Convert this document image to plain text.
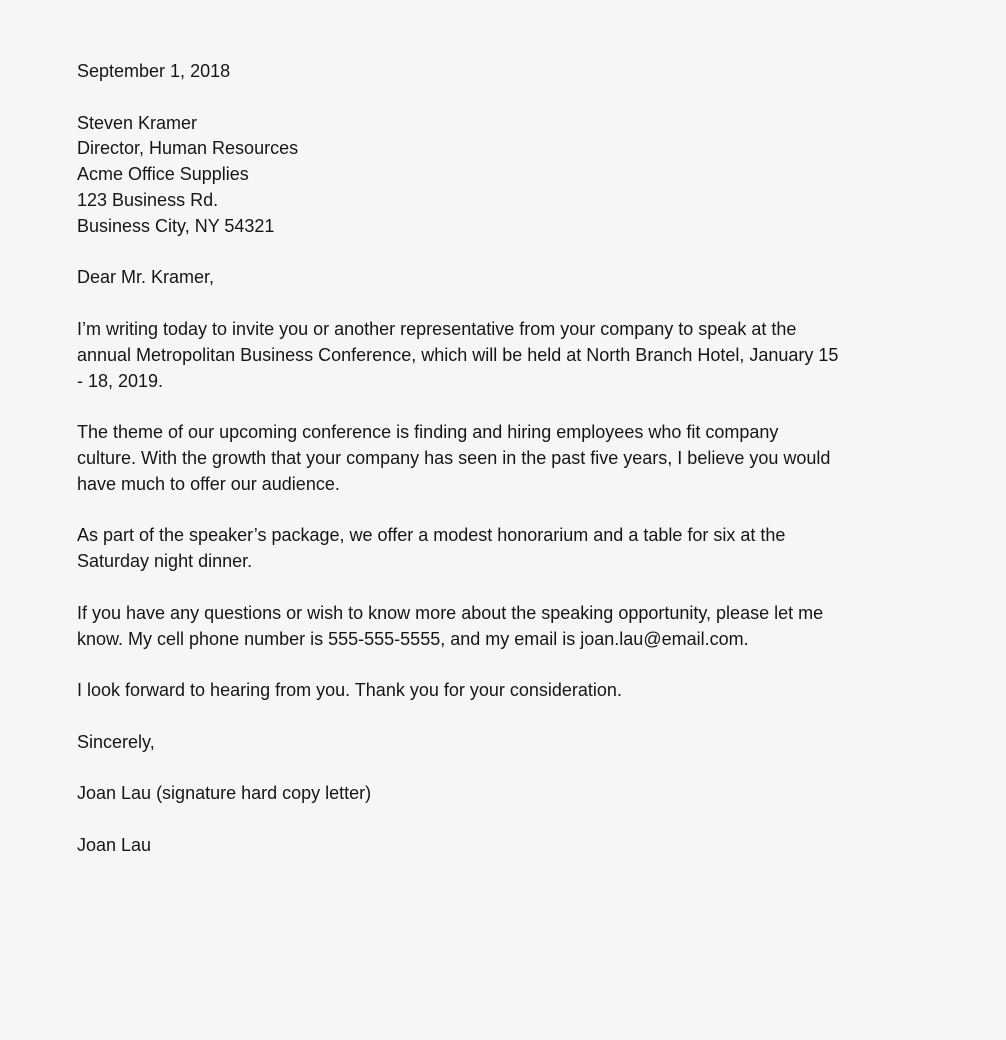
September 1, 2018
Steven Kramer
Director, Human Resources
Acme Office Supplies
123 Business Rd.
Business City, NY 54321
Dear Mr. Kramer,
I’m writing today to invite you or another representative from your company to speak at the
annual Metropolitan Business Conference, which will be held at North Branch Hotel, January 15
- 18, 2019.
The theme of our upcoming conference is finding and hiring employees who fit company
culture. With the growth that your company has seen in the past five years, I believe you would
have much to offer our audience.
As part of the speaker’s package, we offer a modest honorarium and a table for six at the
Saturday night dinner.
If you have any questions or wish to know more about the speaking opportunity, please let me
know. My cell phone number is 555-555-5555, and my email is joan.lau@email.com.
I look forward to hearing from you. Thank you for your consideration.
Sincerely,
Joan Lau (signature hard copy letter)
Joan Lau
